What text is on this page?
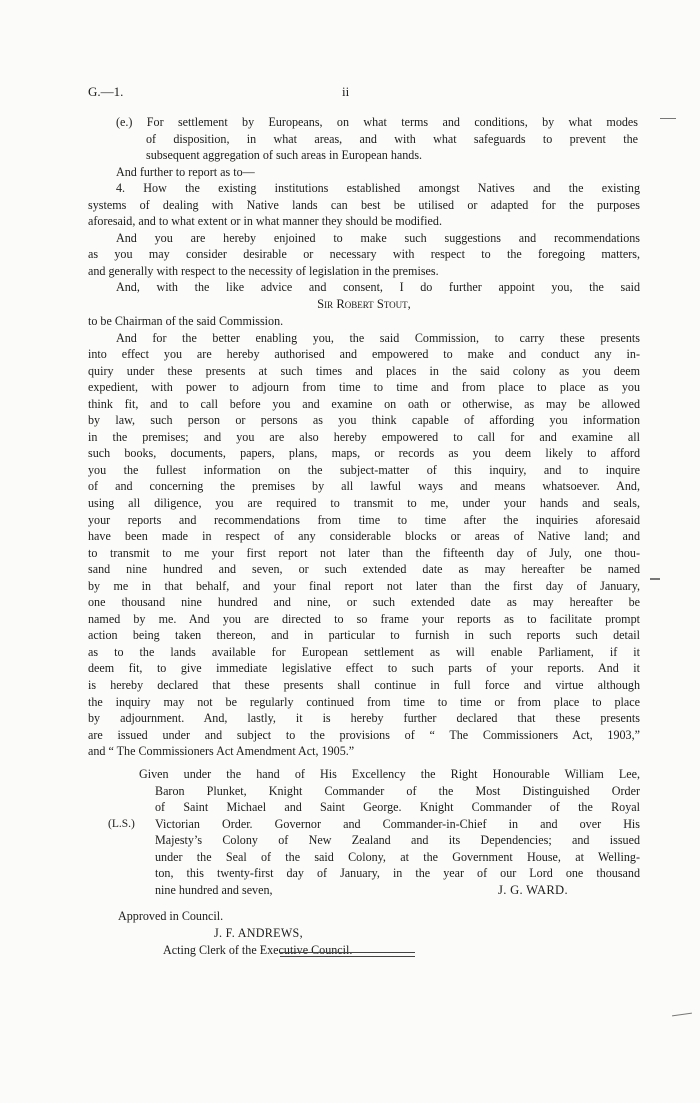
G.—1.	ii
(e.) For settlement by Europeans, on what terms and conditions, by what modes
of disposition, in what areas, and with what safeguards to prevent the
subsequent aggregation of such areas in European hands.
And further to report as to—
4. How the existing institutions established amongst Natives and the existing
systems of dealing with Native lands can best be utilised or adapted for the purposes
aforesaid, and to what extent or in what manner they should be modified.
And you are hereby enjoined to make such suggestions and recommendations
as you may consider desirable or necessary with respect to the foregoing matters,
and generally with respect to the necessity of legislation in the premises.
And, with the like advice and consent, I do further appoint you, the said
Sir Robert Stout,
to be Chairman of the said Commission.
And for the better enabling you, the said Commission, to carry these presents
into effect you are hereby authorised and empowered to make and conduct any in-
quiry under these presents at such times and places in the said colony as you deem
expedient, with power to adjourn from time to time and from place to place as you
think fit, and to call before you and examine on oath or otherwise, as may be allowed
by law, such person or persons as you think capable of affording you information
in the premises; and you are also hereby empowered to call for and examine all
such books, documents, papers, plans, maps, or records as you deem likely to afford
you the fullest information on the subject-matter of this inquiry, and to inquire
of and concerning the premises by all lawful ways and means whatsoever. And,
using all diligence, you are required to transmit to me, under your hands and seals,
your reports and recommendations from time to time after the inquiries aforesaid
have been made in respect of any considerable blocks or areas of Native land; and
to transmit to me your first report not later than the fifteenth day of July, one thou-
sand nine hundred and seven, or such extended date as may hereafter be named
by me in that behalf, and your final report not later than the first day of January,
one thousand nine hundred and nine, or such extended date as may hereafter be
named by me. And you are directed to so frame your reports as to facilitate prompt
action being taken thereon, and in particular to furnish in such reports such detail
as to the lands available for European settlement as will enable Parliament, if it
deem fit, to give immediate legislative effect to such parts of your reports. And it
is hereby declared that these presents shall continue in full force and virtue although
the inquiry may not be regularly continued from time to time or from place to place
by adjournment. And, lastly, it is hereby further declared that these presents
are issued under and subject to the provisions of “ The Commissioners Act, 1903,”
and “ The Commissioners Act Amendment Act, 1905.”
Given under the hand of His Excellency the Right Honourable William Lee,
Baron Plunket, Knight Commander of the Most Distinguished Order
of Saint Michael and Saint George. Knight Commander of the Royal
Victorian Order. Governor and Commander-in-Chief in and over His
Majesty’s Colony of New Zealand and its Dependencies; and issued
under the Seal of the said Colony, at the Government House, at Welling-
ton, this twenty-first day of January, in the year of our Lord one thousand
nine hundred and seven,
(L.S.)
J. G. WARD.
Approved in Council.
J. F. ANDREWS,
Acting Clerk of the Executive Council.
